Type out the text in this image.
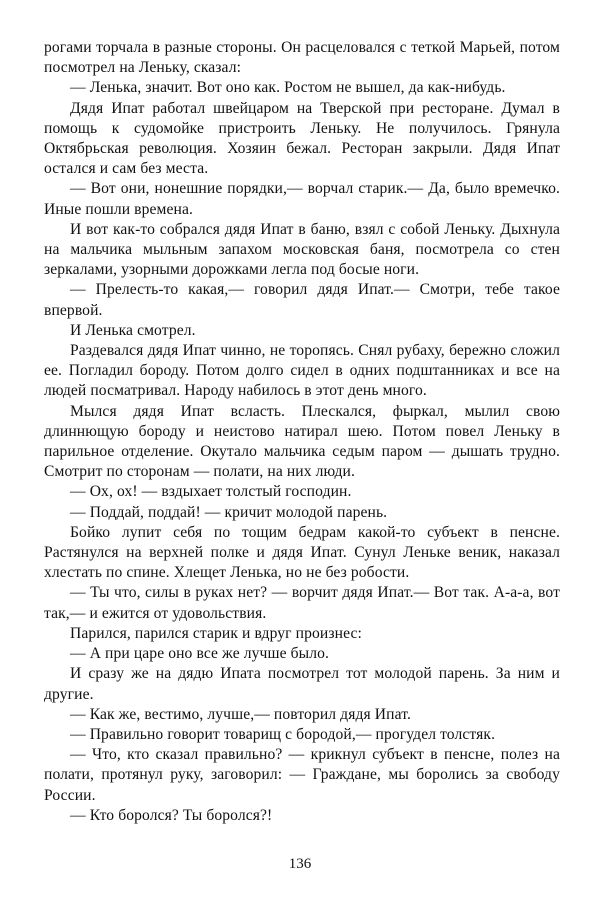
рогами торчала в разные стороны. Он расцеловался с теткой Марьей, потом посмотрел на Леньку, сказал:

— Ленька, значит. Вот оно как. Ростом не вышел, да как-нибудь.

Дядя Ипат работал швейцаром на Тверской при ресторане. Думал в помощь к судомойке пристроить Леньку. Не получилось. Грянула Октябрьская революция. Хозяин бежал. Ресторан закрыли. Дядя Ипат остался и сам без места.

— Вот они, нонешние порядки,— ворчал старик.— Да, было времечко. Иные пошли времена.

И вот как-то собрался дядя Ипат в баню, взял с собой Леньку. Дыхнула на мальчика мыльным запахом московская баня, посмотрела со стен зеркалами, узорными дорожками легла под босые ноги.

— Прелесть-то какая,— говорил дядя Ипат.— Смотри, тебе такое впервой.

И Ленька смотрел.

Раздевался дядя Ипат чинно, не торопясь. Снял рубаху, бережно сложил ее. Погладил бороду. Потом долго сидел в одних подштанниках и все на людей посматривал. Народу набилось в этот день много.

Мылся дядя Ипат всласть. Плескался, фыркал, мылил свою длиннющую бороду и неистово натирал шею. Потом повел Леньку в парильное отделение. Окутало мальчика седым паром — дышать трудно. Смотрит по сторонам — полати, на них люди.

— Ох, ох! — вздыхает толстый господин.

— Поддай, поддай! — кричит молодой парень.

Бойко лупит себя по тощим бедрам какой-то субъект в пенсне. Растянулся на верхней полке и дядя Ипат. Сунул Леньке веник, наказал хлестать по спине. Хлещет Ленька, но не без робости.

— Ты что, силы в руках нет? — ворчит дядя Ипат.— Вот так. А-а-а, вот так,— и ежится от удовольствия.

Парился, парился старик и вдруг произнес:

— А при царе оно все же лучше было.

И сразу же на дядю Ипата посмотрел тот молодой парень. За ним и другие.

— Как же, вестимо, лучше,— повторил дядя Ипат.

— Правильно говорит товарищ с бородой,— прогудел толстяк.

— Что, кто сказал правильно? — крикнул субъект в пенсне, полез на полати, протянул руку, заговорил: — Граждане, мы боролись за свободу России.

— Кто боролся? Ты боролся?!

136
